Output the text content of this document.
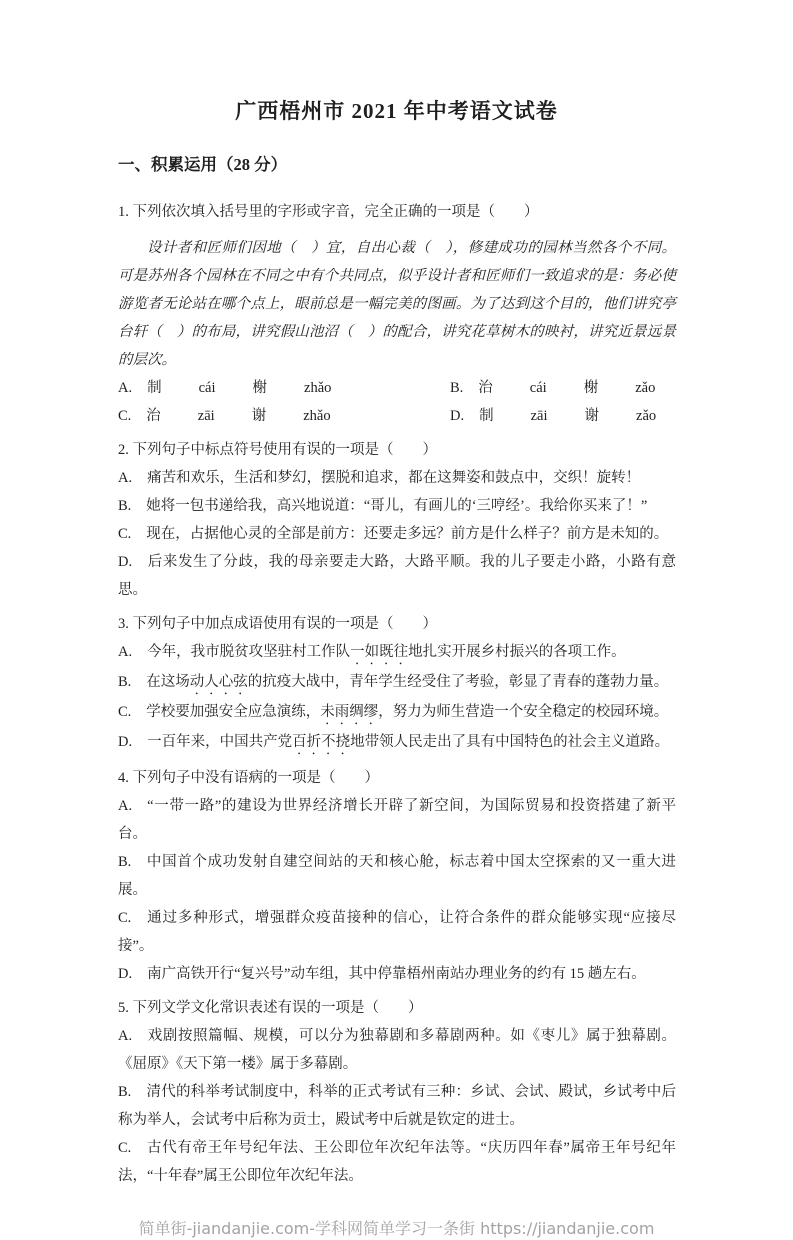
广西梧州市 2021 年中考语文试卷
一、积累运用（28 分）

1. 下列依次填入括号里的字形或字音，完全正确的一项是（　　）

设计者和匠师们因地（　）宜，自出心裁（　），修建成功的园林当然各个不同。可是苏州各个园林在不同之中有个共同点，似乎设计者和匠师们一致追求的是：务必使游览者无论站在哪个点上，眼前总是一幅完美的图画。为了达到这个目的，他们讲究亭台轩（　）的布局，讲究假山池沼（　）的配合，讲究花草树木的映衬，讲究近景远景的层次。

A. 制	cái	榭	zhǎo	B. 治	cái	榭	zǎo
C. 治	zāi	谢	zhǎo	D. 制	zāi	谢	zǎo

2. 下列句子中标点符号使用有误的一项是（　　）

A. 痛苦和欢乐，生活和梦幻，摆脱和追求，都在这舞姿和鼓点中，交织！旋转！

B. 她将一包书递给我，高兴地说道：“哥儿，有画儿的‘三哼经’。我给你买来了！”

C. 现在，占据他心灵的全部是前方：还要走多远？前方是什么样子？前方是未知的。

D. 后来发生了分歧，我的母亲要走大路，大路平顺。我的儿子要走小路，小路有意思。

3. 下列句子中加点成语使用有误的一项是（　　）

A. 今年，我市脱贫攻坚驻村工作队一如既往地扎实开展乡村振兴的各项工作。

B. 在这场动人心弦的抗疫大战中，青年学生经受住了考验，彰显了青春的蓬勃力量。

C. 学校要加强安全应急演练，未雨绸缪，努力为师生营造一个安全稳定的校园环境。

D. 一百年来，中国共产党百折不挠地带领人民走出了具有中国特色的社会主义道路。

4. 下列句子中没有语病的一项是（　　）

A. “一带一路”的建设为世界经济增长开辟了新空间，为国际贸易和投资搭建了新平台。

B. 中国首个成功发射自建空间站的天和核心舱，标志着中国太空探索的又一重大进展。

C. 通过多种形式，增强群众疫苗接种的信心，让符合条件的群众能够实现“应接尽接”。

D. 南广高铁开行“复兴号”动车组，其中停靠梧州南站办理业务的约有 15 趟左右。

5. 下列文学文化常识表述有误的一项是（　　）

A. 戏剧按照篇幅、规模，可以分为独幕剧和多幕剧两种。如《枣儿》属于独幕剧。《屈原》《天下第一楼》属于多幕剧。

B. 清代的科举考试制度中，科举的正式考试有三种：乡试、会试、殿试，乡试考中后称为举人，会试考中后称为贡士，殿试考中后就是钦定的进士。

C. 古代有帝王年号纪年法、王公即位年次纪年法等。“庆历四年春”属帝王年号纪年法，“十年春”属王公即位年次纪年法。

简单街-jiandanjie.com-学科网简单学习一条街 https://jiandanjie.com
